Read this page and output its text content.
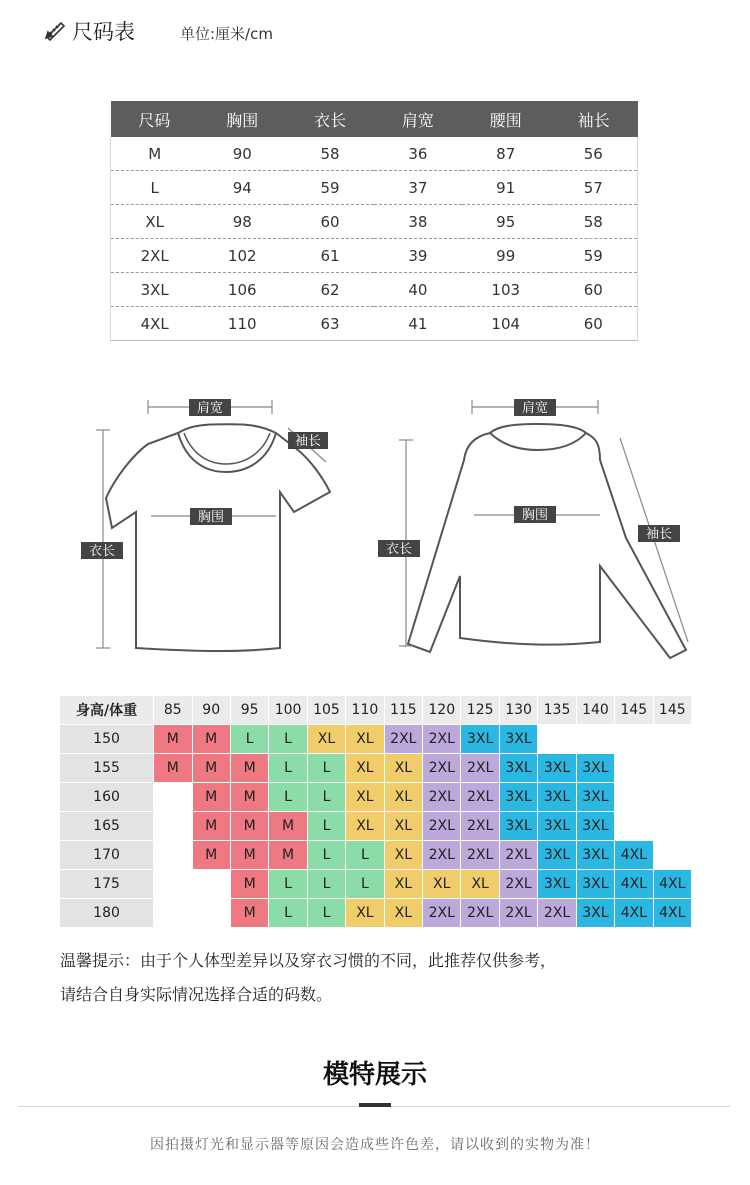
尺码表	单位:厘米/cm
尺码	胸围	衣长	肩宽	腰围	袖长
M	90	58	36	87	56
L	94	59	37	91	57
XL	98	60	38	95	58
2XL	102	61	39	99	59
3XL	106	62	40	103	60
4XL	110	63	41	104	60
肩宽
袖长
胸围
衣长
肩宽
胸围
袖长
衣长
身高/体重	85	90	95	100	105	110	115	120	125	130	135	140	145	145
150	M	M	L	L	XL	XL	2XL	2XL	3XL	3XL				
155	M	M	M	L	L	XL	XL	2XL	2XL	3XL	3XL	3XL		
160		M	M	L	L	XL	XL	2XL	2XL	3XL	3XL	3XL		
165		M	M	M	L	XL	XL	2XL	2XL	3XL	3XL	3XL		
170		M	M	M	L	L	XL	2XL	2XL	2XL	3XL	3XL	4XL	
175			M	L	L	L	XL	XL	XL	2XL	3XL	3XL	4XL	4XL
180			M	L	L	XL	XL	2XL	2XL	2XL	2XL	3XL	4XL	4XL
温馨提示：由于个人体型差异以及穿衣习惯的不同，此推荐仅供参考，
请结合自身实际情况选择合适的码数。
模特展示
因拍摄灯光和显示器等原因会造成些许色差，请以收到的实物为准！
